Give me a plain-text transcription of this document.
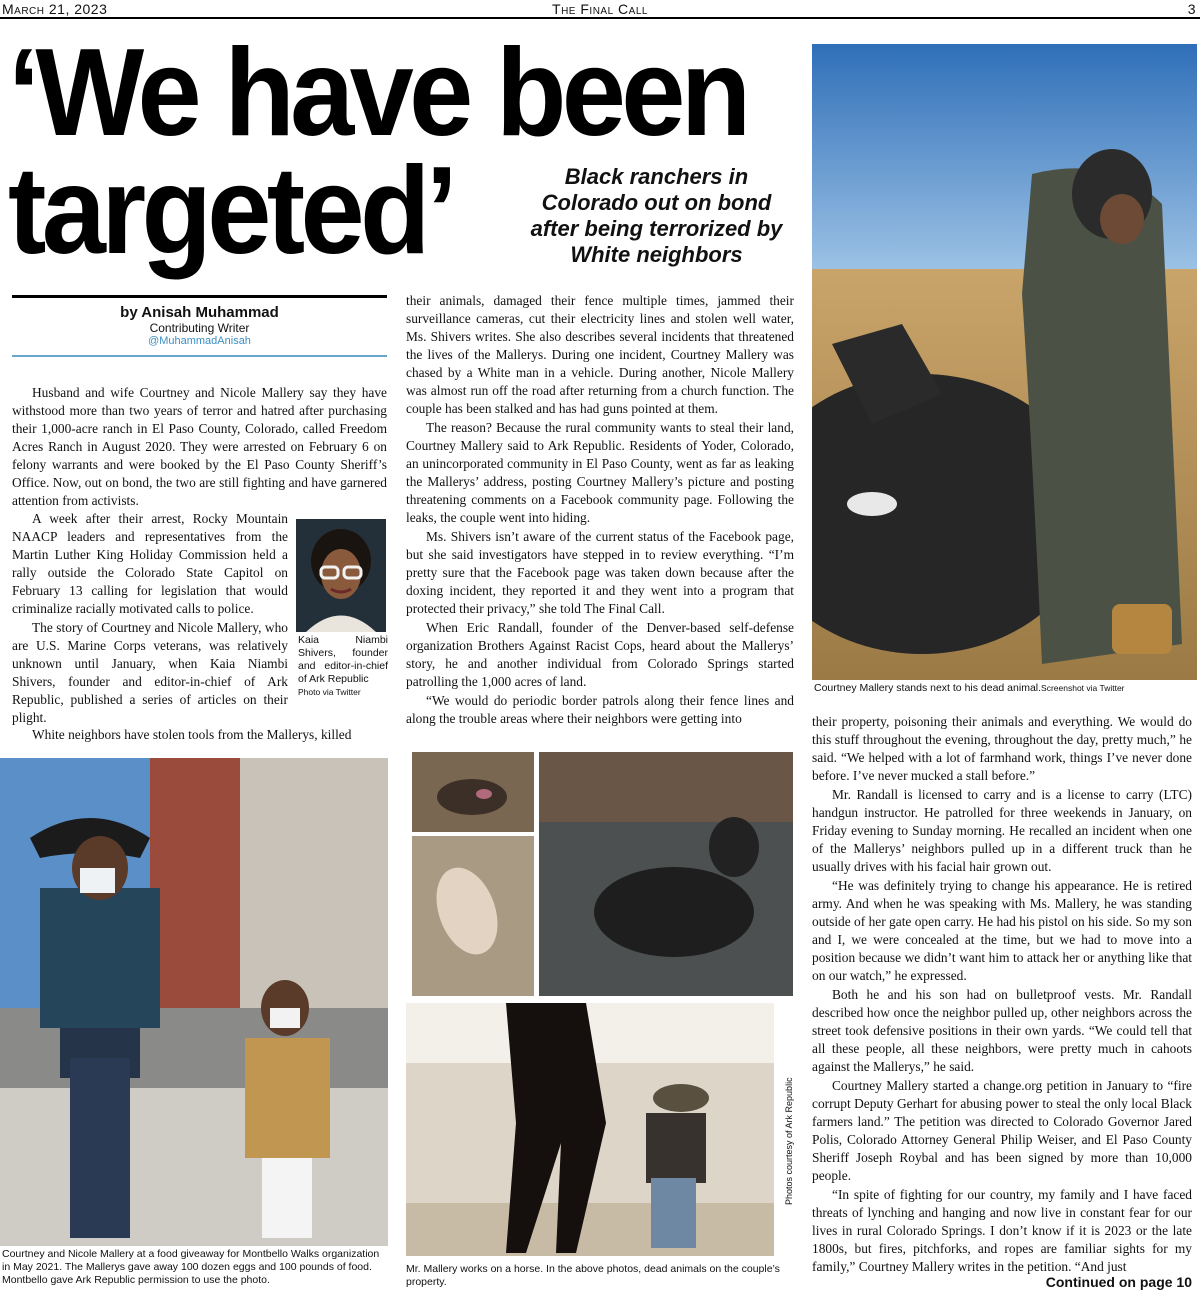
March 21, 2023	The Final Call	3
‘We have been
targeted’	Black ranchers in Colorado out on bond after being terrorized by White neighbors
by Anisah Muhammad
Contributing Writer
@MuhammadAnisah

Husband and wife Courtney and Nicole Mallery say they have withstood more than two years of terror and hatred after purchasing their 1,000-acre ranch in El Paso County, Colorado, called Freedom Acres Ranch in August 2020. They were arrested on February 6 on felony warrants and were booked by the El Paso County Sheriff’s Office. Now, out on bond, the two are still fighting and have garnered attention from activists.

A week after their arrest, Rocky Mountain NAACP leaders and representatives from the Martin Luther King Holiday Commission held a rally outside the Colorado State Capitol on February 13 calling for legislation that would criminalize racially motivated calls to police.

The story of Courtney and Nicole Mallery, who are U.S. Marine Corps veterans, was relatively unknown until January, when Kaia Niambi Shivers, founder and editor-in-chief of Ark Republic, published a series of articles on their plight.

White neighbors have stolen tools from the Mallerys, killed

Kaia Niambi Shivers, founder and editor-in-chief of Ark Republic
Photo via Twitter

their animals, damaged their fence multiple times, jammed their surveillance cameras, cut their electricity lines and stolen well water, Ms. Shivers writes. She also describes several incidents that threatened the lives of the Mallerys. During one incident, Courtney Mallery was chased by a White man in a vehicle. During another, Nicole Mallery was almost run off the road after returning from a church function. The couple has been stalked and has had guns pointed at them.

The reason? Because the rural community wants to steal their land, Courtney Mallery said to Ark Republic. Residents of Yoder, Colorado, an unincorporated community in El Paso County, went as far as leaking the Mallerys’ address, posting Courtney Mallery’s picture and posting threatening comments on a Facebook community page. Following the leaks, the couple went into hiding.

Ms. Shivers isn’t aware of the current status of the Facebook page, but she said investigators have stepped in to review everything. “I’m pretty sure that the Facebook page was taken down because after the doxing incident, they reported it and they went into a program that protected their privacy,” she told The Final Call.

When Eric Randall, founder of the Denver-based self-defense organization Brothers Against Racist Cops, heard about the Mallerys’ story, he and another individual from Colorado Springs started patrolling the 1,000 acres of land.

“We would do periodic border patrols along their fence lines and along the trouble areas where their neighbors were getting into

Courtney Mallery stands next to his dead animal.Screenshot via Twitter

their property, poisoning their animals and everything. We would do this stuff throughout the evening, throughout the day, pretty much,” he said. “We helped with a lot of farmhand work, things I’ve never done before. I’ve never mucked a stall before.”

Mr. Randall is licensed to carry and is a license to carry (LTC) handgun instructor. He patrolled for three weekends in January, on Friday evening to Sunday morning. He recalled an incident when one of the Mallerys’ neighbors pulled up in a different truck than he usually drives with his facial hair grown out.

“He was definitely trying to change his appearance. He is retired army. And when he was speaking with Ms. Mallery, he was standing outside of her gate open carry. He had his pistol on his side. So my son and I, we were concealed at the time, but we had to move into a position because we didn’t want him to attack her or anything like that on our watch,” he expressed.

Both he and his son had on bulletproof vests. Mr. Randall described how once the neighbor pulled up, other neighbors across the street took defensive positions in their own yards. “We could tell that all these people, all these neighbors, were pretty much in cahoots against the Mallerys,” he said.

Courtney Mallery started a change.org petition in January to “fire corrupt Deputy Gerhart for abusing power to steal the only local Black farmers land.” The petition was directed to Colorado Governor Jared Polis, Colorado Attorney General Philip Weiser, and El Paso County Sheriff Joseph Roybal and has been signed by more than 10,000 people.

“In spite of fighting for our country, my family and I have faced threats of lynching and hanging and now live in constant fear for our lives in rural Colorado Springs. I don’t know if it is 2023 or the late 1800s, but fires, pitchforks, and ropes are familiar sights for my family,” Courtney Mallery writes in the petition. “And just

Courtney and Nicole Mallery at a food giveaway for Montbello Walks organization in May 2021. The Mallerys gave away 100 dozen eggs and 100 pounds of food. Montbello gave Ark Republic permission to use the photo.
Mr. Mallery works on a horse. In the above photos, dead animals on the couple’s property.
Photos courtesy of Ark Republic
Continued on page 10
